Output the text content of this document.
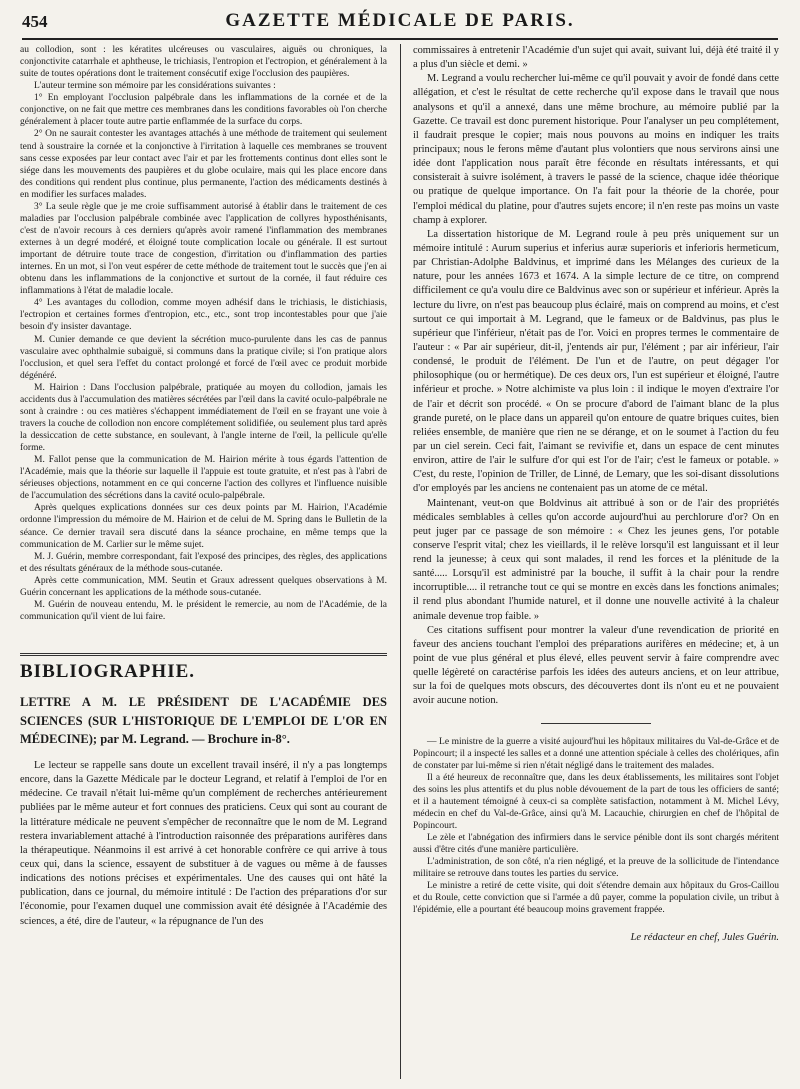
454	GAZETTE MÉDICALE DE PARIS.

au collodion, sont : les kératites ulcéreuses ou vasculaires, aiguës ou chroniques, la conjonctivite catarrhale et aphtheuse, le trichiasis, l'entropion et l'ectropion, et généralement à la suite de toutes opérations dont le traitement consécutif exige l'occlusion des paupières.

L'auteur termine son mémoire par les considérations suivantes :

1° En employant l'occlusion palpébrale dans les inflammations de la cornée et de la conjonctive, on ne fait que mettre ces membranes dans les conditions favorables où l'on cherche généralement à placer toute autre partie enflammée de la surface du corps.

2° On ne saurait contester les avantages attachés à une méthode de traitement qui seulement tend à soustraire la cornée et la conjonctive à l'irritation à laquelle ces membranes se trouvent sans cesse exposées par leur contact avec l'air et par les frottements continus dont elles sont le siége dans les mouvements des paupières et du globe oculaire, mais qui les place encore dans des conditions qui rendent plus continue, plus permanente, l'action des médicaments destinés à en modifier les surfaces malades.

3° La seule règle que je me croie suffisamment autorisé à établir dans le traitement de ces maladies par l'occlusion palpébrale combinée avec l'application de collyres hyposthénisants, c'est de n'avoir recours à ces derniers qu'après avoir ramené l'inflammation des membranes externes à un degré modéré, et éloigné toute complication locale ou générale. Il est surtout important de détruire toute trace de congestion, d'irritation ou d'inflammation des parties internes. En un mot, si l'on veut espérer de cette méthode de traitement tout le succès que j'en ai obtenu dans les inflammations de la conjonctive et surtout de la cornée, il faut réduire ces inflammations à l'état de maladie locale.

4° Les avantages du collodion, comme moyen adhésif dans le trichiasis, le distichiasis, l'ectropion et certaines formes d'entropion, etc., etc., sont trop incontestables pour que j'aie besoin d'y insister davantage.

M. Cunier demande ce que devient la sécrétion muco-purulente dans les cas de pannus vasculaire avec ophthalmie subaiguë, si communs dans la pratique civile; si l'on pratique alors l'occlusion, et quel sera l'effet du contact prolongé et forcé de l'œil avec ce produit morbide dégénéré.

M. Hairion : Dans l'occlusion palpébrale, pratiquée au moyen du collodion, jamais les accidents dus à l'accumulation des matières sécrétées par l'œil dans la cavité oculo-palpébrale ne sont à craindre : ou ces matières s'échappent immédiatement de l'œil en se frayant une voie à travers la couche de collodion non encore complétement solidifiée, ou seulement plus tard après la dessiccation de cette substance, en soulevant, à l'angle interne de l'œil, la pellicule qu'elle forme.

M. Fallot pense que la communication de M. Hairion mérite à tous égards l'attention de l'Académie, mais que la théorie sur laquelle il l'appuie est toute gratuite, et n'est pas à l'abri de sérieuses objections, notamment en ce qui concerne l'action des collyres et l'influence nuisible de l'accumulation des sécrétions dans la cavité oculo-palpébrale.

Après quelques explications données sur ces deux points par M. Hairion, l'Académie ordonne l'impression du mémoire de M. Hairion et de celui de M. Spring dans le Bulletin de la séance. Ce dernier travail sera discuté dans la séance prochaine, en même temps que la communication de M. Carlier sur le même sujet.

M. J. Guérin, membre correspondant, fait l'exposé des principes, des règles, des applications et des résultats généraux de la méthode sous-cutanée.

Après cette communication, MM. Seutin et Graux adressent quelques observations à M. Guérin concernant les applications de la méthode sous-cutanée.

M. Guérin de nouveau entendu, M. le président le remercie, au nom de l'Académie, de la communication qu'il vient de lui faire.

BIBLIOGRAPHIE.
LETTRE A M. LE PRÉSIDENT DE L'ACADÉMIE DES SCIENCES (SUR L'HISTORIQUE DE L'EMPLOI DE L'OR EN MÉDECINE); par M. Legrand. — Brochure in-8°.

Le lecteur se rappelle sans doute un excellent travail inséré, il n'y a pas longtemps encore, dans la Gazette Médicale par le docteur Legrand, et relatif à l'emploi de l'or en médecine. Ce travail n'était lui-même qu'un complément de recherches antérieurement publiées par le même auteur et fort connues des praticiens. Ceux qui sont au courant de la littérature médicale ne peuvent s'empêcher de reconnaître que le nom de M. Legrand restera invariablement attaché à l'introduction raisonnée des préparations aurifères dans la thérapeutique. Néanmoins il est arrivé à cet honorable confrère ce qui arrive à tous ceux qui, dans la science, essayent de substituer à de vagues ou même à de fausses indications des notions précises et expérimentales. Une des causes qui ont hâté la publication, dans ce journal, du mémoire intitulé : De l'action des préparations d'or sur l'économie, pour l'examen duquel une commission avait été désignée à l'Académie des sciences, a été, dire de l'auteur, « la répugnance de l'un des

commissaires à entretenir l'Académie d'un sujet qui avait, suivant lui, déjà été traité il y a plus d'un siècle et demi. »

M. Legrand a voulu rechercher lui-même ce qu'il pouvait y avoir de fondé dans cette allégation, et c'est le résultat de cette recherche qu'il expose dans le travail que nous analysons et qu'il a annexé, dans une même brochure, au mémoire publié par la Gazette. Ce travail est donc purement historique. Pour l'analyser un peu complétement, il faudrait presque le copier; mais nous pouvons au moins en indiquer les traits principaux; nous le ferons même d'autant plus volontiers que nous servirons ainsi une idée dont l'application nous paraît être féconde en résultats intéressants, et qui consisterait à suivre isolément, à travers le passé de la science, chaque idée théorique ou pratique de quelque importance. On l'a fait pour la théorie de la chorée, pour l'emploi médical du platine, pour d'autres sujets encore; il n'en reste pas moins un vaste champ à explorer.

La dissertation historique de M. Legrand roule à peu près uniquement sur un mémoire intitulé : Aurum superius et inferius auræ superioris et inferioris hermeticum, par Christian-Adolphe Baldvinus, et imprimé dans les Mélanges des curieux de la nature, pour les années 1673 et 1674. A la simple lecture de ce titre, on comprend difficilement ce qu'a voulu dire ce Baldvinus avec son or supérieur et inférieur. Après la lecture du livre, on n'est pas beaucoup plus éclairé, mais on comprend au moins, et c'est surtout ce qui importait à M. Legrand, que le fameux or de Baldvinus, pas plus le supérieur que l'inférieur, n'était pas de l'or. Voici en propres termes le commentaire de l'auteur : « Par air supérieur, dit-il, j'entends air pur, l'élément ; par air inférieur, l'air condensé, le produit de l'élément. De l'un et de l'autre, on peut dégager l'or philosophique (ou or hermétique). De ces deux ors, l'un est supérieur et éloigné, l'autre inférieur et proche. » Notre alchimiste va plus loin : il indique le moyen d'extraire l'or de l'air et décrit son procédé. « On se procure d'abord de l'aimant blanc de la plus grande pureté, on le place dans un appareil qu'on entoure de quatre briques cuites, bien reliées ensemble, de manière que rien ne se dérange, et on le soumet à l'action du feu par un ciel serein. Ceci fait, l'aimant se revivifie et, dans un espace de cent minutes environ, attire de l'air le sulfure d'or qui est l'or de l'air; c'est le fameux or potable. » C'est, du reste, l'opinion de Triller, de Linné, de Lemary, que les soi-disant dissolutions d'or employés par les anciens ne contenaient pas un atome de ce métal.

Maintenant, veut-on que Boldvinus ait attribué à son or de l'air des propriétés médicales semblables à celles qu'on accorde aujourd'hui au perchlorure d'or? On en peut juger par ce passage de son mémoire : « Chez les jeunes gens, l'or potable conserve l'esprit vital; chez les vieillards, il le relève lorsqu'il est languissant et il leur rend la jeunesse; à ceux qui sont malades, il rend les forces et la plénitude de la santé..... Lorsqu'il est administré par la bouche, il suffit à la chair pour la rendre incorruptible.... il retranche tout ce qui se montre en excès dans les fonctions animales; il rend plus abondant l'humide naturel, et il donne une nouvelle activité à la chaleur animale devenue trop faible. »

Ces citations suffisent pour montrer la valeur d'une revendication de priorité en faveur des anciens touchant l'emploi des préparations aurifères en médecine; et, à un point de vue plus général et plus élevé, elles peuvent servir à faire comprendre avec quelle légèreté on caractérise parfois les idées des auteurs anciens, et on leur attribue, sur la foi de quelques mots obscurs, des découvertes dont ils n'ont eu et ne pouvaient avoir aucune notion.

— Le ministre de la guerre a visité aujourd'hui les hôpitaux militaires du Val-de-Grâce et de Popincourt; il a inspecté les salles et a donné une attention spéciale à celles des cholériques, afin de constater par lui-même si rien n'était négligé dans le traitement des malades.

Il a été heureux de reconnaître que, dans les deux établissements, les militaires sont l'objet des soins les plus attentifs et du plus noble dévouement de la part de tous les officiers de santé; et il a hautement témoigné à ceux-ci sa complète satisfaction, notamment à M. Michel Lévy, médecin en chef du Val-de-Grâce, ainsi qu'à M. Lacauchie, chirurgien en chef de l'hôpital de Popincourt.

Le zèle et l'abnégation des infirmiers dans le service pénible dont ils sont chargés méritent aussi d'être cités d'une manière particulière.

L'administration, de son côté, n'a rien négligé, et la preuve de la sollicitude de l'intendance militaire se retrouve dans toutes les parties du service.

Le ministre a retiré de cette visite, qui doit s'étendre demain aux hôpitaux du Gros-Caillou et du Roule, cette conviction que si l'armée a dû payer, comme la population civile, un tribut à l'épidémie, elle a pourtant été beaucoup moins gravement frappée.

Le rédacteur en chef, Jules Guérin.
